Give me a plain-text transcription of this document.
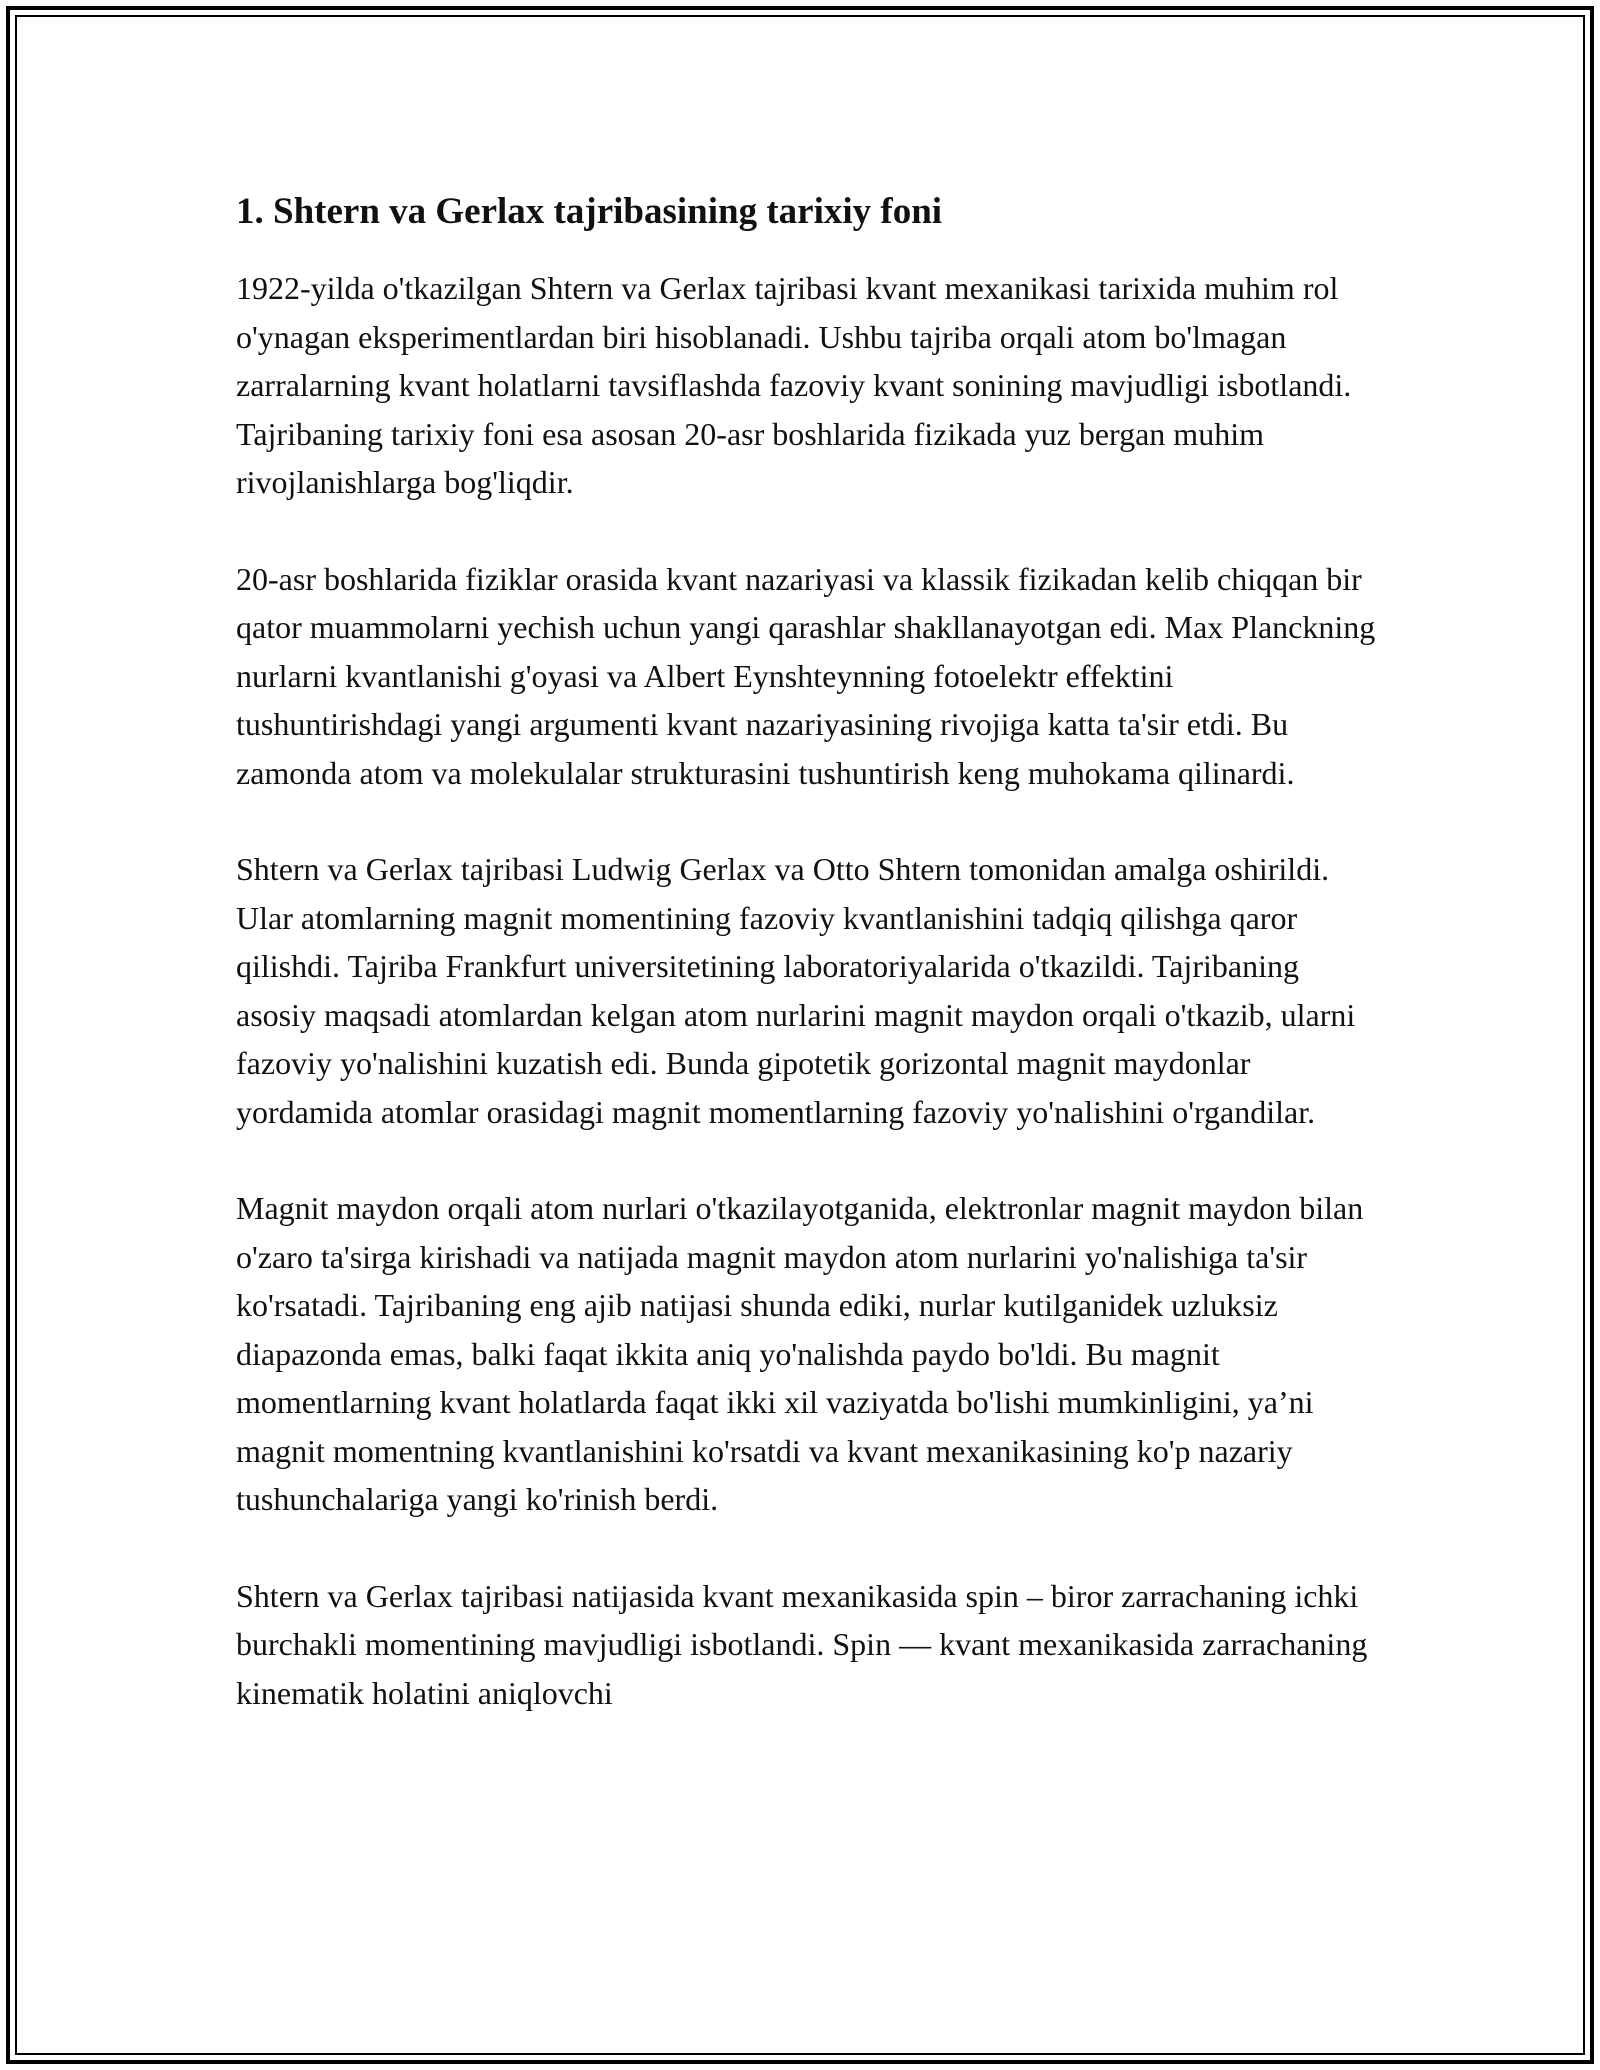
1. Shtern va Gerlax tajribasining tarixiy foni

1922-yilda o'tkazilgan Shtern va Gerlax tajribasi kvant mexanikasi tarixida muhim rol o'ynagan eksperimentlardan biri hisoblanadi. Ushbu tajriba orqali atom bo'lmagan zarralarning kvant holatlarni tavsiflashda fazoviy kvant sonining mavjudligi isbotlandi. Tajribaning tarixiy foni esa asosan 20-asr boshlarida fizikada yuz bergan muhim rivojlanishlarga bog'liqdir.

20-asr boshlarida fiziklar orasida kvant nazariyasi va klassik fizikadan kelib chiqqan bir qator muammolarni yechish uchun yangi qarashlar shakllanayotgan edi. Max Planckning nurlarni kvantlanishi g'oyasi va Albert Eynshteynning fotoelektr effektini tushuntirishdagi yangi argumenti kvant nazariyasining rivojiga katta ta'sir etdi. Bu zamonda atom va molekulalar strukturasini tushuntirish keng muhokama qilinardi.

Shtern va Gerlax tajribasi Ludwig Gerlax va Otto Shtern tomonidan amalga oshirildi. Ular atomlarning magnit momentining fazoviy kvantlanishini tadqiq qilishga qaror qilishdi. Tajriba Frankfurt universitetining laboratoriyalarida o'tkazildi. Tajribaning asosiy maqsadi atomlardan kelgan atom nurlarini magnit maydon orqali o'tkazib, ularni fazoviy yo'nalishini kuzatish edi. Bunda gipotetik gorizontal magnit maydonlar yordamida atomlar orasidagi magnit momentlarning fazoviy yo'nalishini o'rgandilar.

Magnit maydon orqali atom nurlari o'tkazilayotganida, elektronlar magnit maydon bilan o'zaro ta'sirga kirishadi va natijada magnit maydon atom nurlarini yo'nalishiga ta'sir ko'rsatadi. Tajribaning eng ajib natijasi shunda ediki, nurlar kutilganidek uzluksiz diapazonda emas, balki faqat ikkita aniq yo'nalishda paydo bo'ldi. Bu magnit momentlarning kvant holatlarda faqat ikki xil vaziyatda bo'lishi mumkinligini, ya’ni magnit momentning kvantlanishini ko'rsatdi va kvant mexanikasining ko'p nazariy tushunchalariga yangi ko'rinish berdi.

Shtern va Gerlax tajribasi natijasida kvant mexanikasida spin – biror zarrachaning ichki burchakli momentining mavjudligi isbotlandi. Spin — kvant mexanikasida zarrachaning kinematik holatini aniqlovchi
